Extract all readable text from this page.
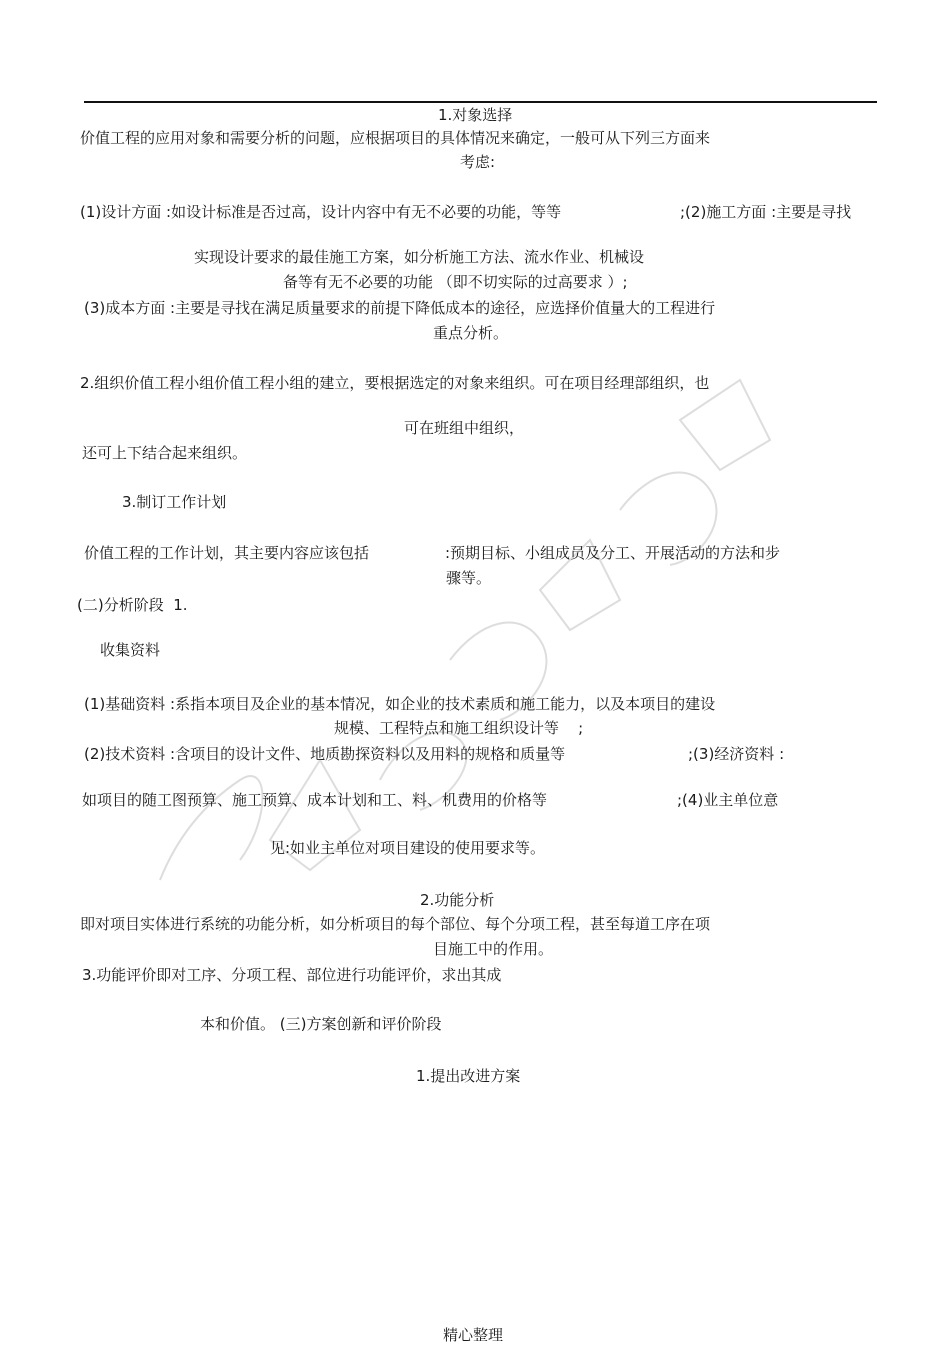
1.对象选择
价值工程的应用对象和需要分析的问题，应根据项目的具体情况来确定，一般可从下列三方面来
考虑:
(1)设计方面 :如设计标准是否过高，设计内容中有无不必要的功能，等等	;(2)施工方面 :主要是寻找
实现设计要求的最佳施工方案，如分析施工方法、流水作业、机械设
备等有无不必要的功能 （即不切实际的过高要求 ）;
(3)成本方面 :主要是寻找在满足质量要求的前提下降低成本的途径，应选择价值量大的工程进行
重点分析。
2.组织价值工程小组价值工程小组的建立，要根据选定的对象来组织。可在项目经理部组织，也
可在班组中组织，
还可上下结合起来组织。
3.制订工作计划
价值工程的工作计划，其主要内容应该包括	:预期目标、小组成员及分工、开展活动的方法和步
骤等。
(二)分析阶段  1.
收集资料
(1)基础资料 :系指本项目及企业的基本情况，如企业的技术素质和施工能力，以及本项目的建设
规模、工程特点和施工组织设计等    ;
(2)技术资料 :含项目的设计文件、地质勘探资料以及用料的规格和质量等	;(3)经济资料 :
如项目的随工图预算、施工预算、成本计划和工、料、机费用的价格等	;(4)业主单位意
见:如业主单位对项目建设的使用要求等。
2.功能分析
即对项目实体进行系统的功能分析，如分析项目的每个部位、每个分项工程，甚至每道工序在项
目施工中的作用。
3.功能评价即对工序、分项工程、部位进行功能评价，求出其成
本和价值。 (三)方案创新和评价阶段
1.提出改进方案
精心整理
